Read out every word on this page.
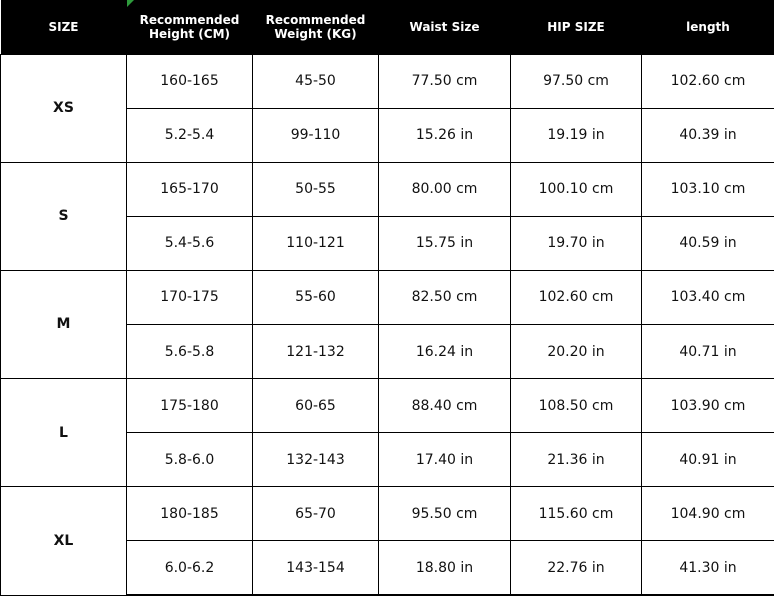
SIZE	Recommended Height (CM)	Recommended Weight (KG)	Waist Size	HIP SIZE	length
XS	160-165	45-50	77.50 cm	97.50 cm	102.60 cm
	5.2-5.4	99-110	15.26 in	19.19 in	40.39 in
S	165-170	50-55	80.00 cm	100.10 cm	103.10 cm
	5.4-5.6	110-121	15.75 in	19.70 in	40.59 in
M	170-175	55-60	82.50 cm	102.60 cm	103.40 cm
	5.6-5.8	121-132	16.24 in	20.20 in	40.71 in
L	175-180	60-65	88.40 cm	108.50 cm	103.90 cm
	5.8-6.0	132-143	17.40 in	21.36 in	40.91 in
XL	180-185	65-70	95.50 cm	115.60 cm	104.90 cm
	6.0-6.2	143-154	18.80 in	22.76 in	41.30 in
